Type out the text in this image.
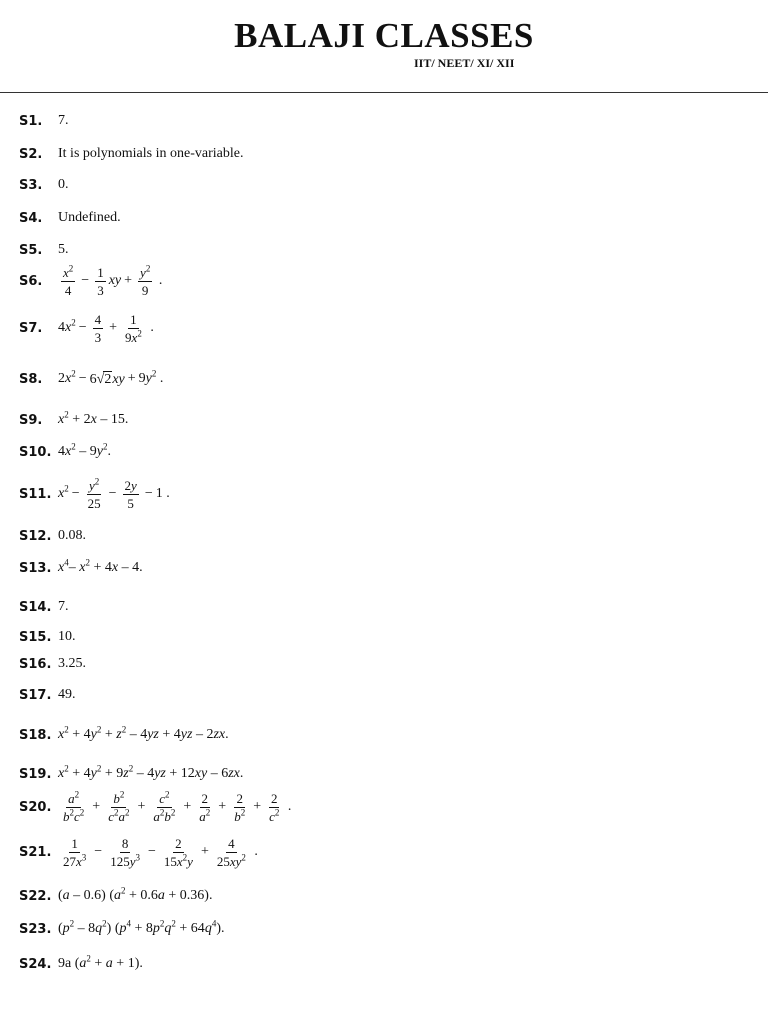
BALAJI CLASSES
IIT/ NEET/ XI/ XII
S1.	7.
S2.	It is polynomials in one-variable.
S3.	0.
S4.	Undefined.
S5.	5.
S6.	$\frac{x^2}{4} - \frac{1}{3}$ xy + $\frac{y^2}{9}$ .
S7.	$4x^2 - \frac{4}{3} + \frac{1}{9x^2}$ .
S8.	$2x^2 - 6√2xy + 9y^2$ .
S9.	$x^2 + 2x - 15$.
S10. $4x^2 - 9y^2$.
S11. $x^2 - \frac{y^2}{25} - \frac{2y}{5} - 1$ .
S12. 0.08.
S13. $x^4-$ $x^2 + 4x - 4$.
S14. 7.
S15. 10.
S16. 3.25.
S17. 49.
S18. $x^2 + 4y^2 + z^2 - 4yz + 4yz - 2zx$.
S19. $x^2 + 4y^2 + 9z^2 - 4yz + 12xy - 6zx$.
S20. $\frac{a^2}{b^2c^2} + \frac{b^2}{c^2a^2} + \frac{c^2}{a^2b^2} + \frac{2}{a^2} + \frac{2}{b^2} + \frac{2}{c^2}$ .
S21. $\frac{1}{27x^3} - \frac{8}{125y^3} - \frac{2}{15x^2y} + \frac{4}{25xy^2}$ .
S22. (a – 0.6) $(a^2 + 0.6a + 0.36)$.
S23. $(p^2 - 8q^2) (p^4 + 8p^2q^2 + 64q^4)$.
S24. 9a $(a^2 + a + 1)$.
